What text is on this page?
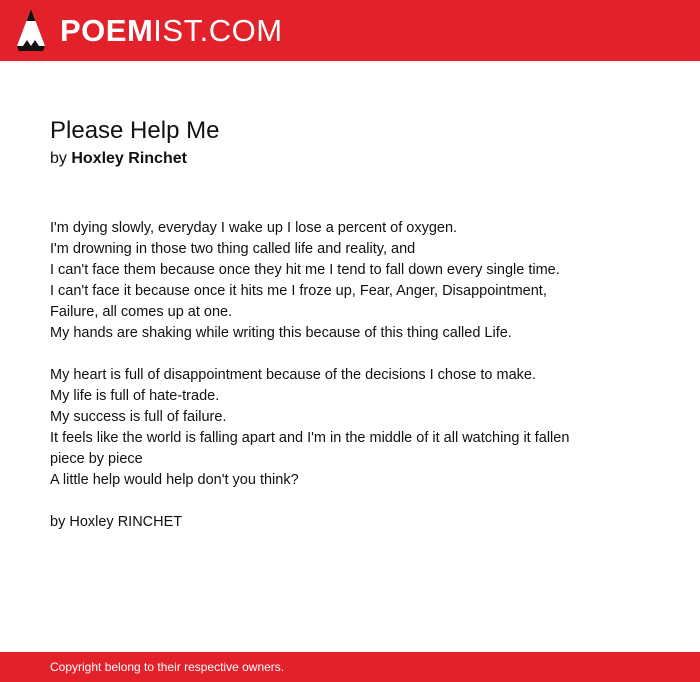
POEM IST.COM
Please Help Me

by Hoxley Rinchet

I'm dying slowly, everyday I wake up I lose a percent of oxygen.
I'm drowning in those two thing called life and reality, and
I can't face them because once they hit me I tend to fall down every single time.
I can't face it because once it hits me I froze up, Fear, Anger, Disappointment, Failure, all comes up at one.
My hands are shaking while writing this because of this thing called Life.

My heart is full of disappointment because of the decisions I chose to make.
My life is full of hate-trade.
My success is full of failure.
It feels like the world is falling apart and I'm in the middle of it all watching it fallen piece by piece
A little help would help don't you think?

by Hoxley RINCHET

Copyright belong to their respective owners.
